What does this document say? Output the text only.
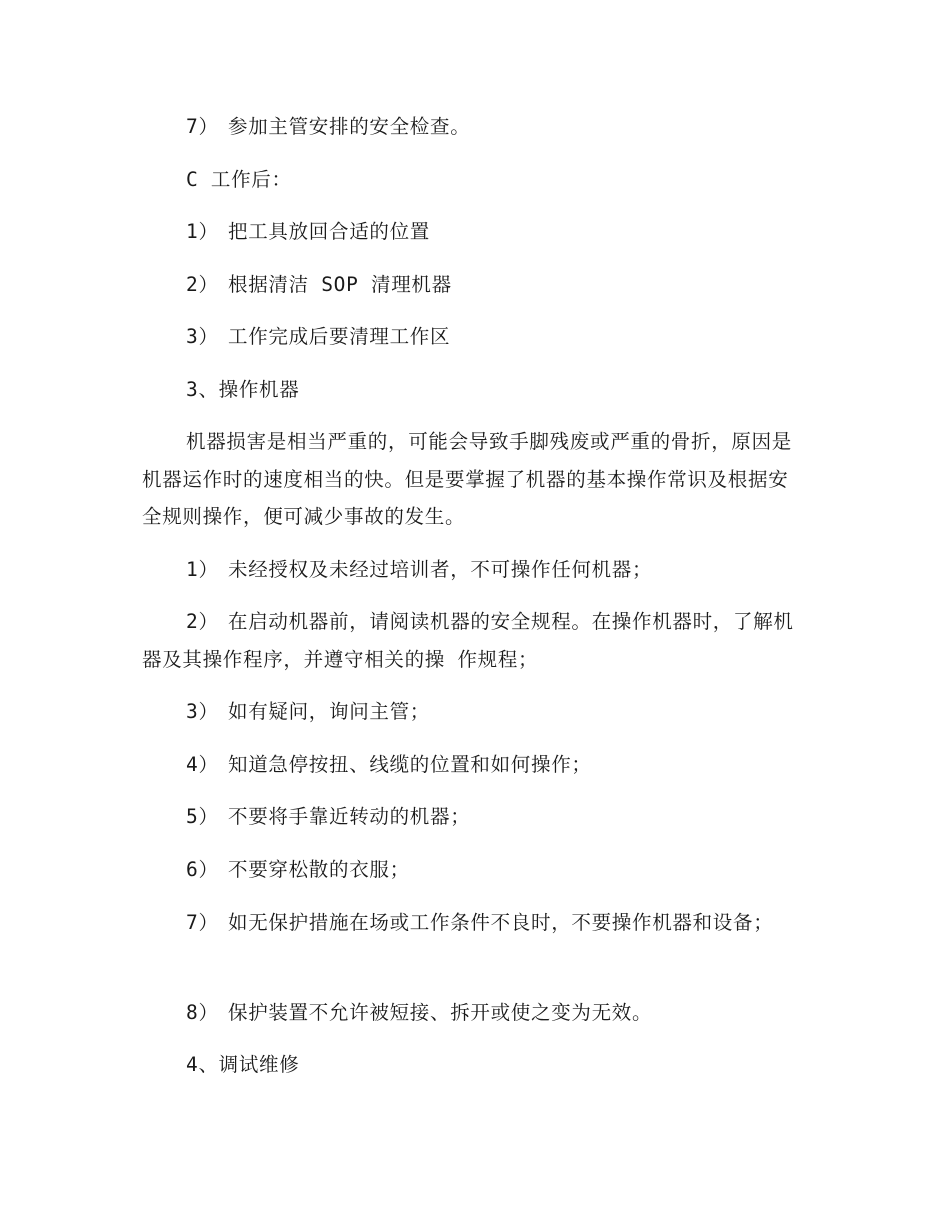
7） 参加主管安排的安全检查。

C 工作后：

1） 把工具放回合适的位置

2） 根据清洁 SOP 清理机器

3） 工作完成后要清理工作区

3、操作机器

机器损害是相当严重的，可能会导致手脚残废或严重的骨折，原因是机器运作时的速度相当的快。但是要掌握了机器的基本操作常识及根据安全规则操作，便可减少事故的发生。

1） 未经授权及未经过培训者，不可操作任何机器；

2） 在启动机器前，请阅读机器的安全规程。在操作机器时，了解机器及其操作程序，并遵守相关的操 作规程；

3） 如有疑问，询问主管；

4） 知道急停按扭、线缆的位置和如何操作；

5） 不要将手靠近转动的机器；

6） 不要穿松散的衣服；

7） 如无保护措施在场或工作条件不良时，不要操作机器和设备；

8） 保护装置不允许被短接、拆开或使之变为无效。

4、调试维修
